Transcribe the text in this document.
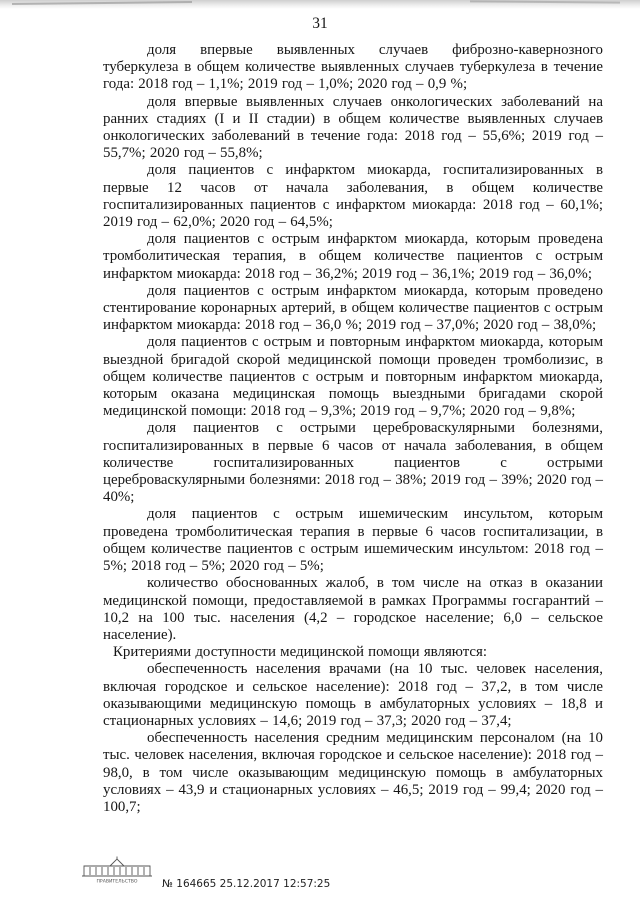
31

доля впервые выявленных случаев фиброзно-кавернозного туберкулеза в общем количестве выявленных случаев туберкулеза в течение года: 2018 год – 1,1%; 2019 год – 1,0%; 2020 год – 0,9 %;

доля впервые выявленных случаев онкологических заболеваний на ранних стадиях (I и II стадии) в общем количестве выявленных случаев онкологических заболеваний в течение года: 2018 год – 55,6%; 2019 год – 55,7%; 2020 год – 55,8%;

доля пациентов с инфарктом миокарда, госпитализированных в первые 12 часов от начала заболевания, в общем количестве госпитализированных пациентов с инфарктом миокарда: 2018 год – 60,1%; 2019 год – 62,0%; 2020 год – 64,5%;

доля пациентов с острым инфарктом миокарда, которым проведена тромболитическая терапия, в общем количестве пациентов с острым инфарктом миокарда: 2018 год – 36,2%; 2019 год – 36,1%; 2019 год – 36,0%;

доля пациентов с острым инфарктом миокарда, которым проведено стентирование коронарных артерий, в общем количестве пациентов с острым инфарктом миокарда: 2018 год – 36,0 %; 2019 год – 37,0%; 2020 год – 38,0%;

доля пациентов с острым и повторным инфарктом миокарда, которым выездной бригадой скорой медицинской помощи проведен тромболизис, в общем количестве пациентов с острым и повторным инфарктом миокарда, которым оказана медицинская помощь выездными бригадами скорой медицинской помощи: 2018 год – 9,3%; 2019 год – 9,7%; 2020 год – 9,8%;

доля пациентов с острыми цереброваскулярными болезнями, госпитализированных в первые 6 часов от начала заболевания, в общем количестве госпитализированных пациентов с острыми цереброваскулярными болезнями: 2018 год – 38%; 2019 год – 39%; 2020 год – 40%;

доля пациентов с острым ишемическим инсультом, которым проведена тромболитическая терапия в первые 6 часов госпитализации, в общем количестве пациентов с острым ишемическим инсультом: 2018 год – 5%; 2018 год – 5%; 2020 год – 5%;

количество обоснованных жалоб, в том числе на отказ в оказании медицинской помощи, предоставляемой в рамках Программы госгарантий – 10,2 на 100 тыс. населения (4,2 – городское население; 6,0 – сельское население).

Критериями доступности медицинской помощи являются:

обеспеченность населения врачами (на 10 тыс. человек населения, включая городское и сельское население): 2018 год – 37,2, в том числе оказывающими медицинскую помощь в амбулаторных условиях – 18,8 и стационарных условиях – 14,6; 2019 год – 37,3; 2020 год – 37,4;

обеспеченность населения средним медицинским персоналом (на 10 тыс. человек населения, включая городское и сельское население): 2018 год – 98,0, в том числе оказывающим медицинскую помощь в амбулаторных условиях – 43,9 и стационарных условиях – 46,5; 2019 год – 99,4; 2020 год – 100,7;

ПРАВИТЕЛЬСТВО № 164665 25.12.2017 12:57:25
